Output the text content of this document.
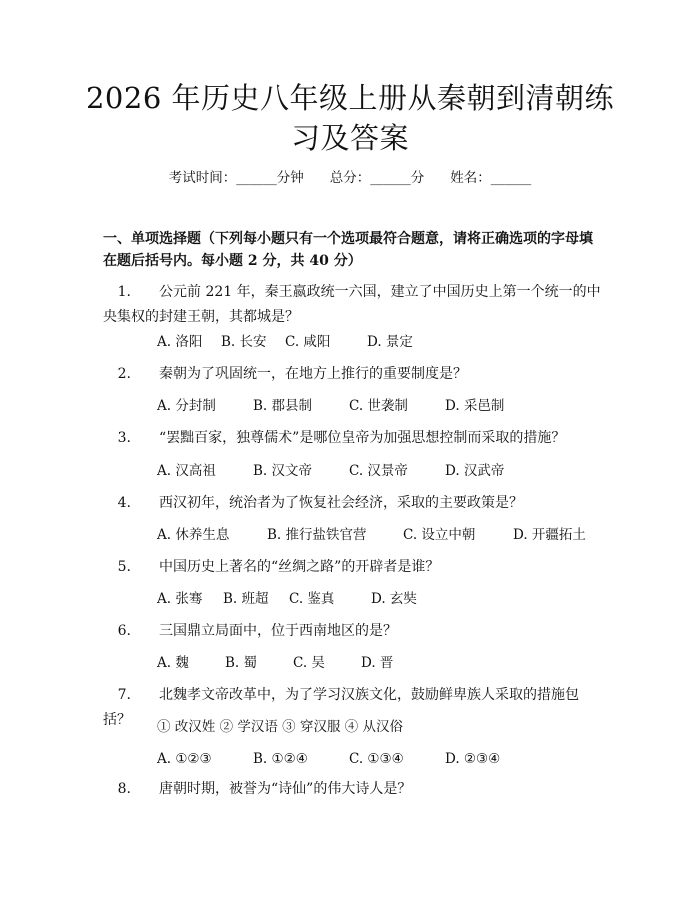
2026 年历史八年级上册从秦朝到清朝练习及答案
考试时间：______分钟 总分：______分 姓名：______
一、单项选择题（下列每小题只有一个选项最符合题意，请将正确选项的字母填在题后括号内。每小题 2 分，共 40 分）
1. 公元前 221 年，秦王嬴政统一六国，建立了中国历史上第一个统一的中央集权的封建王朝，其都城是？
A. 洛阳 B. 长安 C. 咸阳	D. 景定
2. 秦朝为了巩固统一，在地方上推行的重要制度是？
A. 分封制	B. 郡县制	C. 世袭制	D. 采邑制
3. “罢黜百家，独尊儒术”是哪位皇帝为加强思想控制而采取的措施？
A. 汉高祖	B. 汉文帝	C. 汉景帝	D. 汉武帝
4. 西汉初年，统治者为了恢复社会经济，采取的主要政策是？
A. 休养生息	B. 推行盐铁官营	C. 设立中朝	D. 开疆拓土
5. 中国历史上著名的“丝绸之路”的开辟者是谁？
A. 张骞 B. 班超 C. 鉴真	D. 玄奘
6. 三国鼎立局面中，位于西南地区的是？
A. 魏	B. 蜀	C. 吴	D. 晋
7. 北魏孝文帝改革中，为了学习汉族文化，鼓励鲜卑族人采取的措施包括？	① 改汉姓 ② 学汉语 ③ 穿汉服 ④ 从汉俗
A. ①②③	B. ①②④	C. ①③④	D. ②③④
8. 唐朝时期，被誉为“诗仙”的伟大诗人是？
